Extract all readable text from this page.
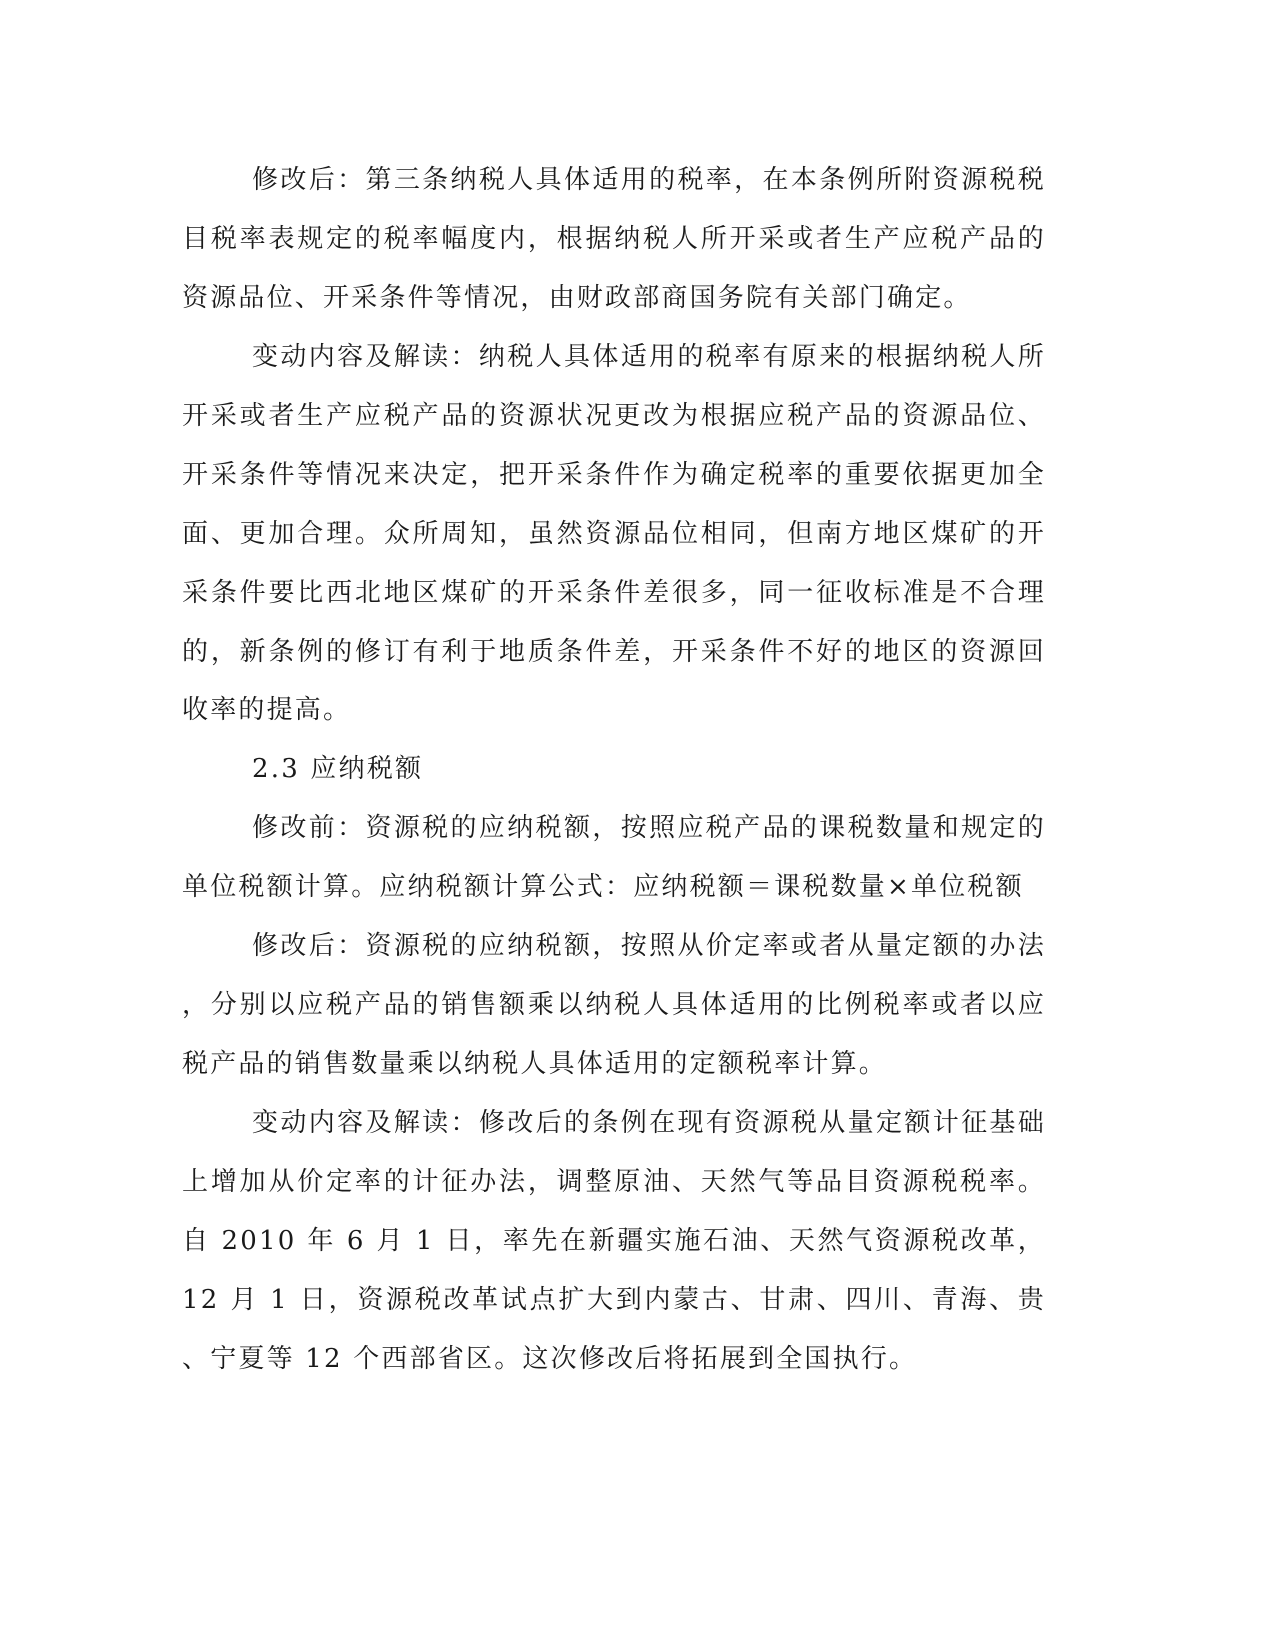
修改后：第三条纳税人具体适用的税率，在本条例所附资源税税
目税率表规定的税率幅度内，根据纳税人所开采或者生产应税产品的
资源品位、开采条件等情况，由财政部商国务院有关部门确定。
变动内容及解读：纳税人具体适用的税率有原来的根据纳税人所
开采或者生产应税产品的资源状况更改为根据应税产品的资源品位、
开采条件等情况来决定，把开采条件作为确定税率的重要依据更加全
面、更加合理。众所周知，虽然资源品位相同，但南方地区煤矿的开
采条件要比西北地区煤矿的开采条件差很多，同一征收标准是不合理
的，新条例的修订有利于地质条件差，开采条件不好的地区的资源回
收率的提高。
2.3 应纳税额
修改前：资源税的应纳税额，按照应税产品的课税数量和规定的
单位税额计算。应纳税额计算公式：应纳税额＝课税数量×单位税额
修改后：资源税的应纳税额，按照从价定率或者从量定额的办法
，分别以应税产品的销售额乘以纳税人具体适用的比例税率或者以应
税产品的销售数量乘以纳税人具体适用的定额税率计算。
变动内容及解读：修改后的条例在现有资源税从量定额计征基础
上增加从价定率的计征办法，调整原油、天然气等品目资源税税率。
自 2010 年 6 月 1 日，率先在新疆实施石油、天然气资源税改革，
12 月 1 日，资源税改革试点扩大到内蒙古、甘肃、四川、青海、贵
、宁夏等 12 个西部省区。这次修改后将拓展到全国执行。
